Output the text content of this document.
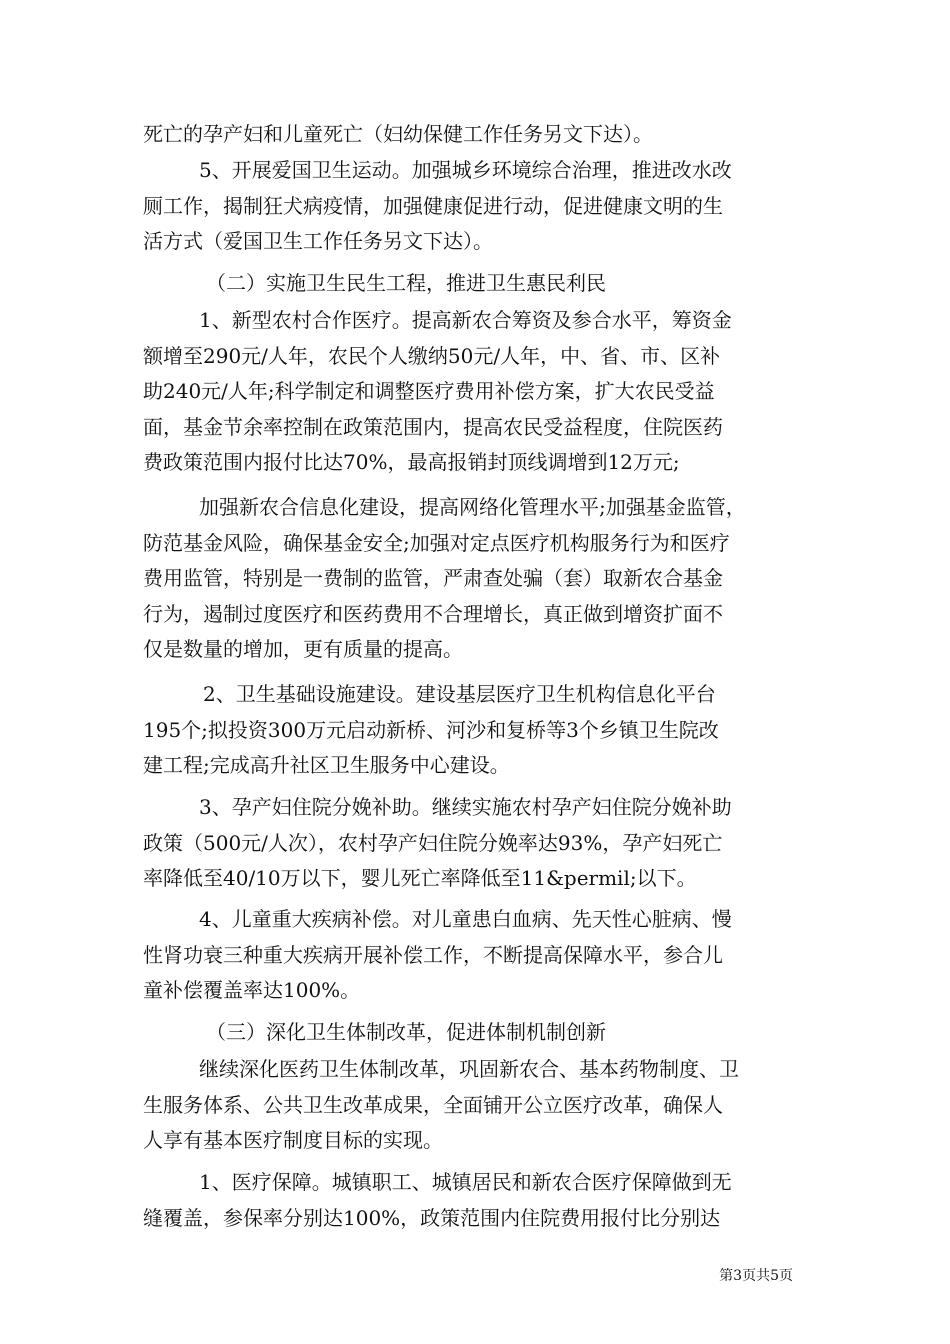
死亡的孕产妇和儿童死亡（妇幼保健工作任务另文下达）。

5、开展爱国卫生运动。加强城乡环境综合治理，推进改水改
厕工作，揭制狂犬病疫情，加强健康促进行动，促进健康文明的生
活方式（爱国卫生工作任务另文下达）。

（二）实施卫生民生工程，推进卫生惠民利民

1、新型农村合作医疗。提高新农合筹资及参合水平，筹资金
额增至290元/人年，农民个人缴纳50元/人年，中、省、市、区补
助240元/人年;科学制定和调整医疗费用补偿方案，扩大农民受益
面，基金节余率控制在政策范围内，提高农民受益程度，住院医药
费政策范围内报付比达70%，最高报销封顶线调增到12万元;

加强新农合信息化建设，提高网络化管理水平;加强基金监管，
防范基金风险，确保基金安全;加强对定点医疗机构服务行为和医疗
费用监管，特别是一费制的监管，严肃查处骗（套）取新农合基金
行为，遏制过度医疗和医药费用不合理增长，真正做到增资扩面不
仅是数量的增加，更有质量的提高。

2、卫生基础设施建设。建设基层医疗卫生机构信息化平台
195个;拟投资300万元启动新桥、河沙和复桥等3个乡镇卫生院改
建工程;完成高升社区卫生服务中心建设。

3、孕产妇住院分娩补助。继续实施农村孕产妇住院分娩补助
政策（500元/人次），农村孕产妇住院分娩率达93%，孕产妇死亡
率降低至40/10万以下，婴儿死亡率降低至11&permil;以下。

4、儿童重大疾病补偿。对儿童患白血病、先天性心脏病、慢
性肾功衰三种重大疾病开展补偿工作，不断提高保障水平，参合儿
童补偿覆盖率达100%。

（三）深化卫生体制改革，促进体制机制创新

继续深化医药卫生体制改革，巩固新农合、基本药物制度、卫
生服务体系、公共卫生改革成果，全面铺开公立医疗改革，确保人
人享有基本医疗制度目标的实现。

1、医疗保障。城镇职工、城镇居民和新农合医疗保障做到无
缝覆盖，参保率分别达100%，政策范围内住院费用报付比分别达

第3页共5页
